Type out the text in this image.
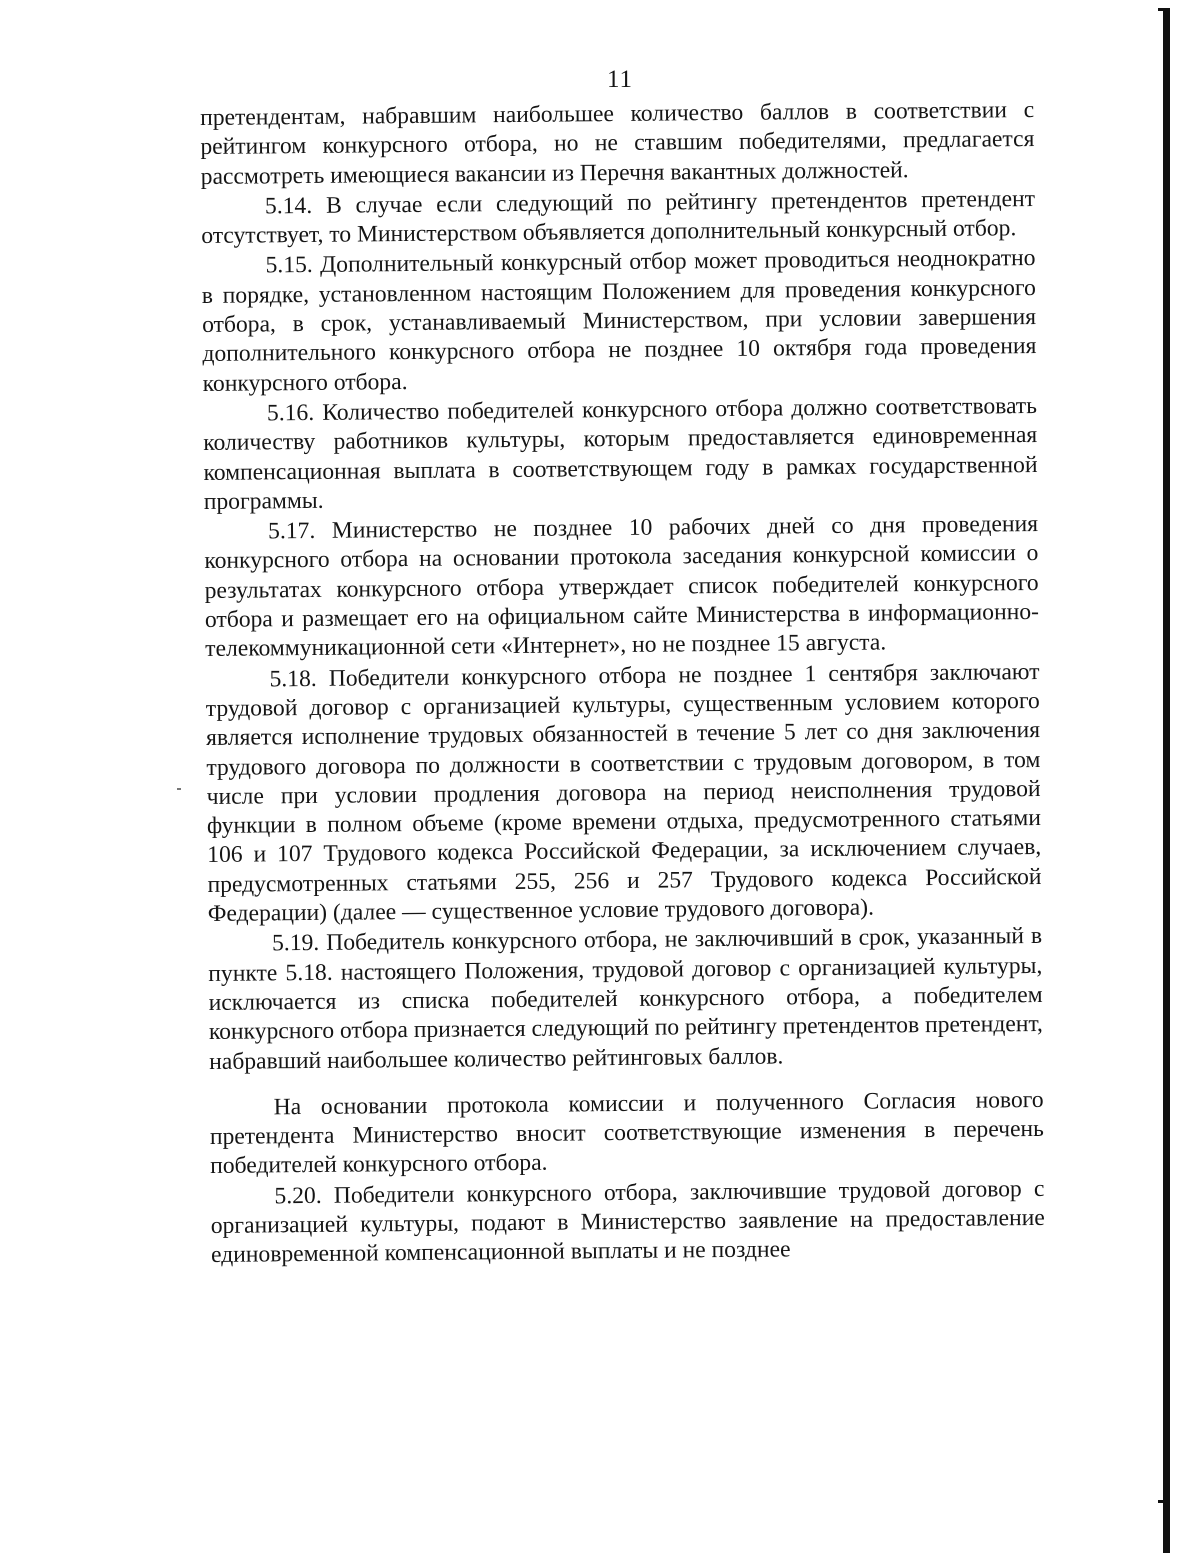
11

претендентам, набравшим наибольшее количество баллов в соответствии с рейтингом конкурсного отбора, но не ставшим победителями, предлагается рассмотреть имеющиеся вакансии из Перечня вакантных должностей.

5.14. В случае если следующий по рейтингу претендентов претендент отсутствует, то Министерством объявляется дополнительный конкурсный отбор.

5.15. Дополнительный конкурсный отбор может проводиться неоднократно в порядке, установленном настоящим Положением для проведения конкурсного отбора, в срок, устанавливаемый Министерством, при условии завершения дополнительного конкурсного отбора не позднее 10 октября года проведения конкурсного отбора.

5.16. Количество победителей конкурсного отбора должно соответствовать количеству работников культуры, которым предоставляется единовременная компенсационная выплата в соответствующем году в рамках государственной программы.

5.17. Министерство не позднее 10 рабочих дней со дня проведения конкурсного отбора на основании протокола заседания конкурсной комиссии о результатах конкурсного отбора утверждает список победителей конкурсного отбора и размещает его на официальном сайте Министерства в информационно-телекоммуникационной сети «Интернет», но не позднее 15 августа.

5.18. Победители конкурсного отбора не позднее 1 сентября заключают трудовой договор с организацией культуры, существенным условием которого является исполнение трудовых обязанностей в течение 5 лет со дня заключения трудового договора по должности в соответствии с трудовым договором, в том числе при условии продления договора на период неисполнения трудовой функции в полном объеме (кроме времени отдыха, предусмотренного статьями 106 и 107 Трудового кодекса Российской Федерации, за исключением случаев, предусмотренных статьями 255, 256 и 257 Трудового кодекса Российской Федерации) (далее — существенное условие трудового договора).

5.19. Победитель конкурсного отбора, не заключивший в срок, указанный в пункте 5.18. настоящего Положения, трудовой договор с организацией культуры, исключается из списка победителей конкурсного отбора, а победителем конкурсного отбора признается следующий по рейтингу претендентов претендент, набравший наибольшее количество рейтинговых баллов.

На основании протокола комиссии и полученного Согласия нового претендента Министерство вносит соответствующие изменения в перечень победителей конкурсного отбора.

5.20. Победители конкурсного отбора, заключившие трудовой договор с организацией культуры, подают в Министерство заявление на предоставление единовременной компенсационной выплаты и не позднее
